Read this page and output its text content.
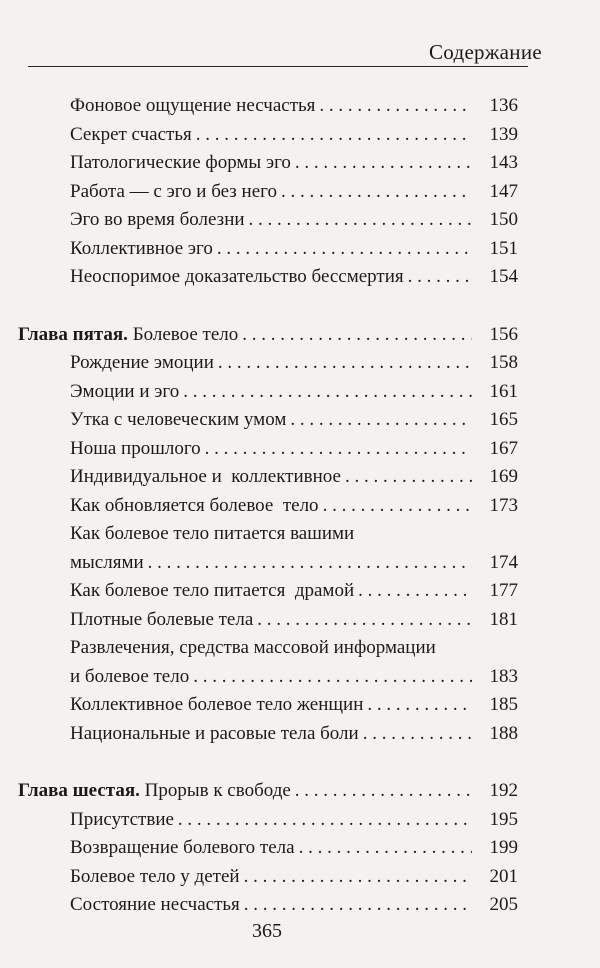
Содержание
Фоновое ощущение несчастья . . .	136
Секрет счастья . . .	139
Патологические формы эго . . .	143
Работа — с эго и без него . . .	147
Эго во время болезни . . .	150
Коллективное эго . . .	151
Неоспоримое доказательство бессмертия . . .	154
Глава пятая. Болевое тело . . .	156
Рождение эмоции . . .	158
Эмоции и эго . . .	161
Утка с человеческим умом . . .	165
Ноша прошлого . . .	167
Индивидуальное и  коллективное . . .	169
Как обновляется болевое  тело . . .	173
Как болевое тело питается вашими
мыслями . . .	174
Как болевое тело питается  драмой . . .	177
Плотные болевые тела . . .	181
Развлечения, средства массовой информации
и болевое тело . . .	183
Коллективное болевое тело женщин . . .	185
Национальные и расовые тела боли . . .	188
Глава шестая. Прорыв к свободе . . .	192
Присутствие . . .	195
Возвращение болевого тела . . .	199
Болевое тело у детей . . .	201
Состояние несчастья . . .	205
365
